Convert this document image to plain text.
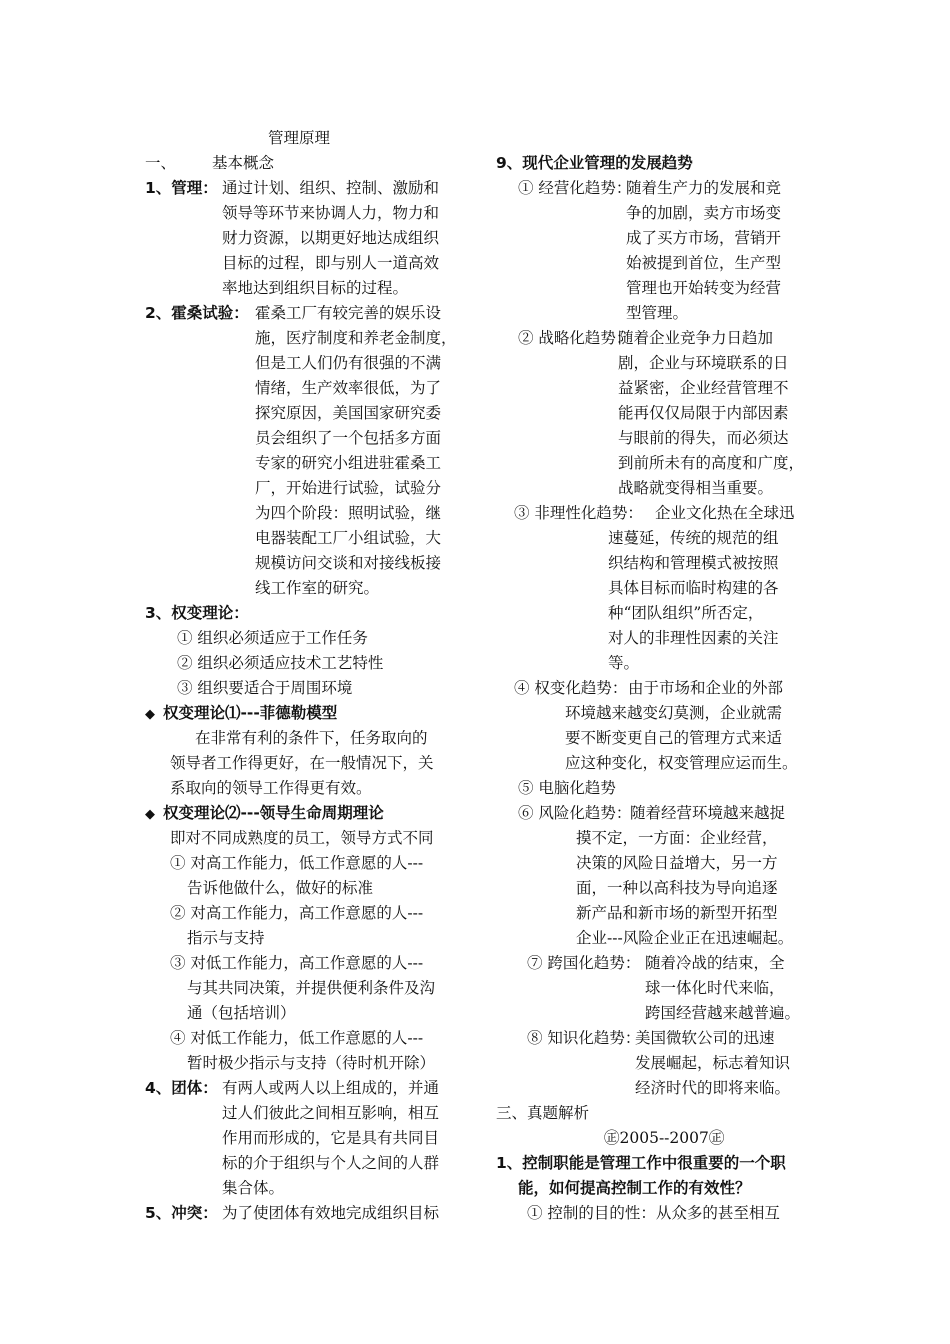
管理原理
一、 基本概念
1、管理： 通过计划、组织、控制、激励和
领导等环节来协调人力，物力和
财力资源，以期更好地达成组织
目标的过程，即与别人一道高效
率地达到组织目标的过程。
2、霍桑试验： 霍桑工厂有较完善的娱乐设
施，医疗制度和养老金制度，
但是工人们仍有很强的不满
情绪，生产效率很低，为了
探究原因，美国国家研究委
员会组织了一个包括多方面
专家的研究小组进驻霍桑工
厂，开始进行试验，试验分
为四个阶段：照明试验，继
电器装配工厂小组试验，大
规模访问交谈和对接线板接
线工作室的研究。
3、权变理论：
① 组织必须适应于工作任务
② 组织必须适应技术工艺特性
③ 组织要适合于周围环境
◆ 权变理论⑴---菲德勒模型
在非常有利的条件下，任务取向的
领导者工作得更好，在一般情况下，关
系取向的领导工作得更有效。
◆ 权变理论⑵---领导生命周期理论
即对不同成熟度的员工，领导方式不同
① 对高工作能力，低工作意愿的人---
告诉他做什么，做好的标准
② 对高工作能力，高工作意愿的人---
指示与支持
③ 对低工作能力，高工作意愿的人---
与其共同决策，并提供便利条件及沟
通（包括培训）
④ 对低工作能力，低工作意愿的人---
暂时极少指示与支持（待时机开除）
4、团体： 有两人或两人以上组成的，并通
过人们彼此之间相互影响，相互
作用而形成的，它是具有共同目
标的介于组织与个人之间的人群
集合体。
5、冲突： 为了使团体有效地完成组织目标
9、现代企业管理的发展趋势
① 经营化趋势：
争的加剧，卖方市场变
成了买方市场，营销开
始被提到首位，生产型
管理也开始转变为经营
型管理。
随着生产力的发展和竞
② 战略化趋势：
随着企业竞争力日趋加
剧，企业与环境联系的日
益紧密，企业经营管理不
能再仅仅局限于内部因素
与眼前的得失，而必须达
到前所未有的高度和广度，
战略就变得相当重要。
③ 非理性化趋势： 企业文化热在全球迅
速蔓延，传统的规范的组
织结构和管理模式被按照
具体目标而临时构建的各
种“团队组织”所否定，
对人的非理性因素的关注
等。
④ 权变化趋势： 由于市场和企业的外部
环境越来越变幻莫测，企业就需
要不断变更自己的管理方式来适
应这种变化，权变管理应运而生。
⑤ 电脑化趋势
⑥ 风险化趋势：
随着经营环境越来越捉
摸不定，一方面：企业经营，
决策的风险日益增大，另一方
面，一种以高科技为导向追逐
新产品和新市场的新型开拓型
企业---风险企业正在迅速崛起。
⑦ 跨国化趋势： 随着冷战的结束，全
球一体化时代来临，
跨国经营越来越普遍。
⑧ 知识化趋势：
美国微软公司的迅速
发展崛起，标志着知识
经济时代的即将来临。
三、真题解析
㊣2005--2007㊣
1、控制职能是管理工作中很重要的一个职
能，如何提高控制工作的有效性？
① 控制的目的性：从众多的甚至相互
